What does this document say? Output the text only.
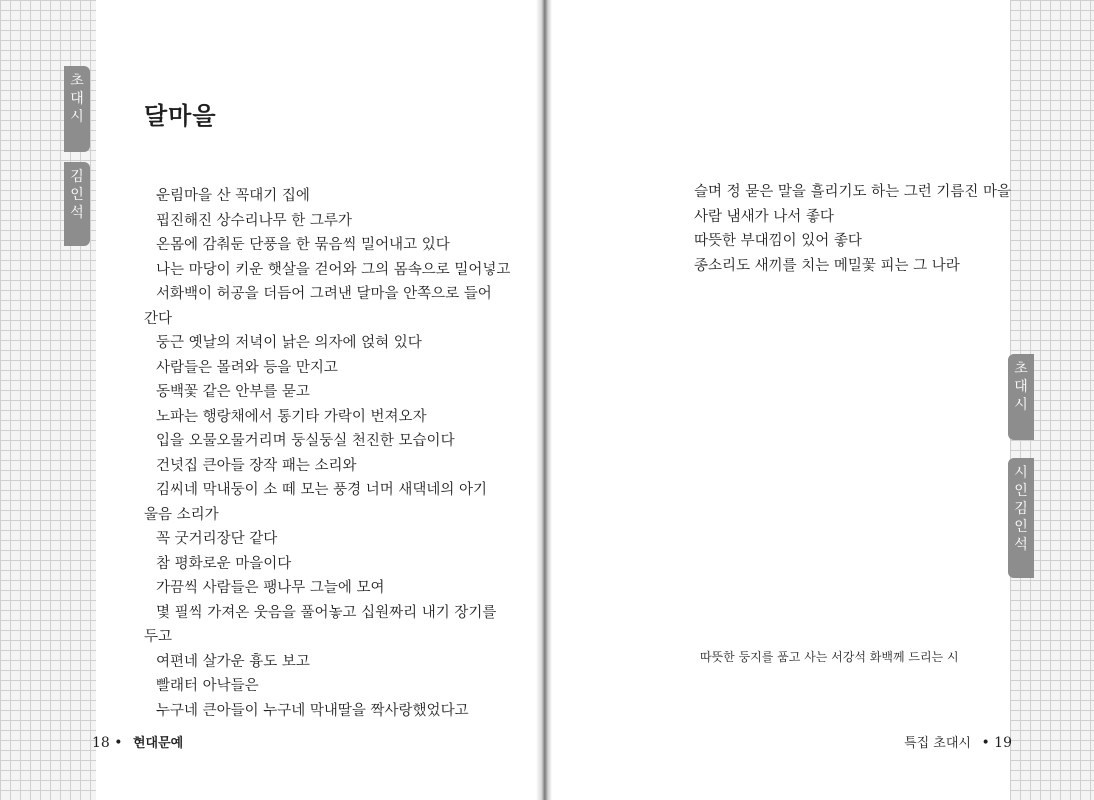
초
대
시
김
인
석
달마을
운림마을 산 꼭대기 집에
핍진해진 상수리나무 한 그루가
온몸에 감춰둔 단풍을 한 묶음씩 밀어내고 있다
나는 마당이 키운 햇살을 걷어와 그의 몸속으로 밀어넣고
서화백이 허공을 더듬어 그려낸 달마을 안쪽으로 들어
간다
둥근 옛날의 저녁이 낡은 의자에 얹혀 있다
사람들은 몰려와 등을 만지고
동백꽃 같은 안부를 묻고
노파는 행랑채에서 통기타 가락이 번져오자
입을 오물오물거리며 둥실둥실 천진한 모습이다
건넛집 큰아들 장작 패는 소리와
김씨네 막내둥이 소 떼 모는 풍경 너머 새댁네의 아기
울음 소리가
꼭 굿거리장단 같다
참 평화로운 마을이다
가끔씩 사람들은 팽나무 그늘에 모여
몇 필씩 가져온 웃음을 풀어놓고 십원짜리 내기 장기를
두고
여편네 살가운 흉도 보고
빨래터 아낙들은
누구네 큰아들이 누구네 막내딸을 짝사랑했었다고
18 • 현대문예
슬며 정 묻은 말을 흘리기도 하는 그런 기름진 마을
사람 냄새가 나서 좋다
따뜻한 부대낌이 있어 좋다
종소리도 새끼를 치는 메밀꽃 피는 그 나라
따뜻한 둥지를 품고 사는 서강석 화백께 드리는 시
초
대
시
시
인
김
인
석
특집 초대시 • 19
